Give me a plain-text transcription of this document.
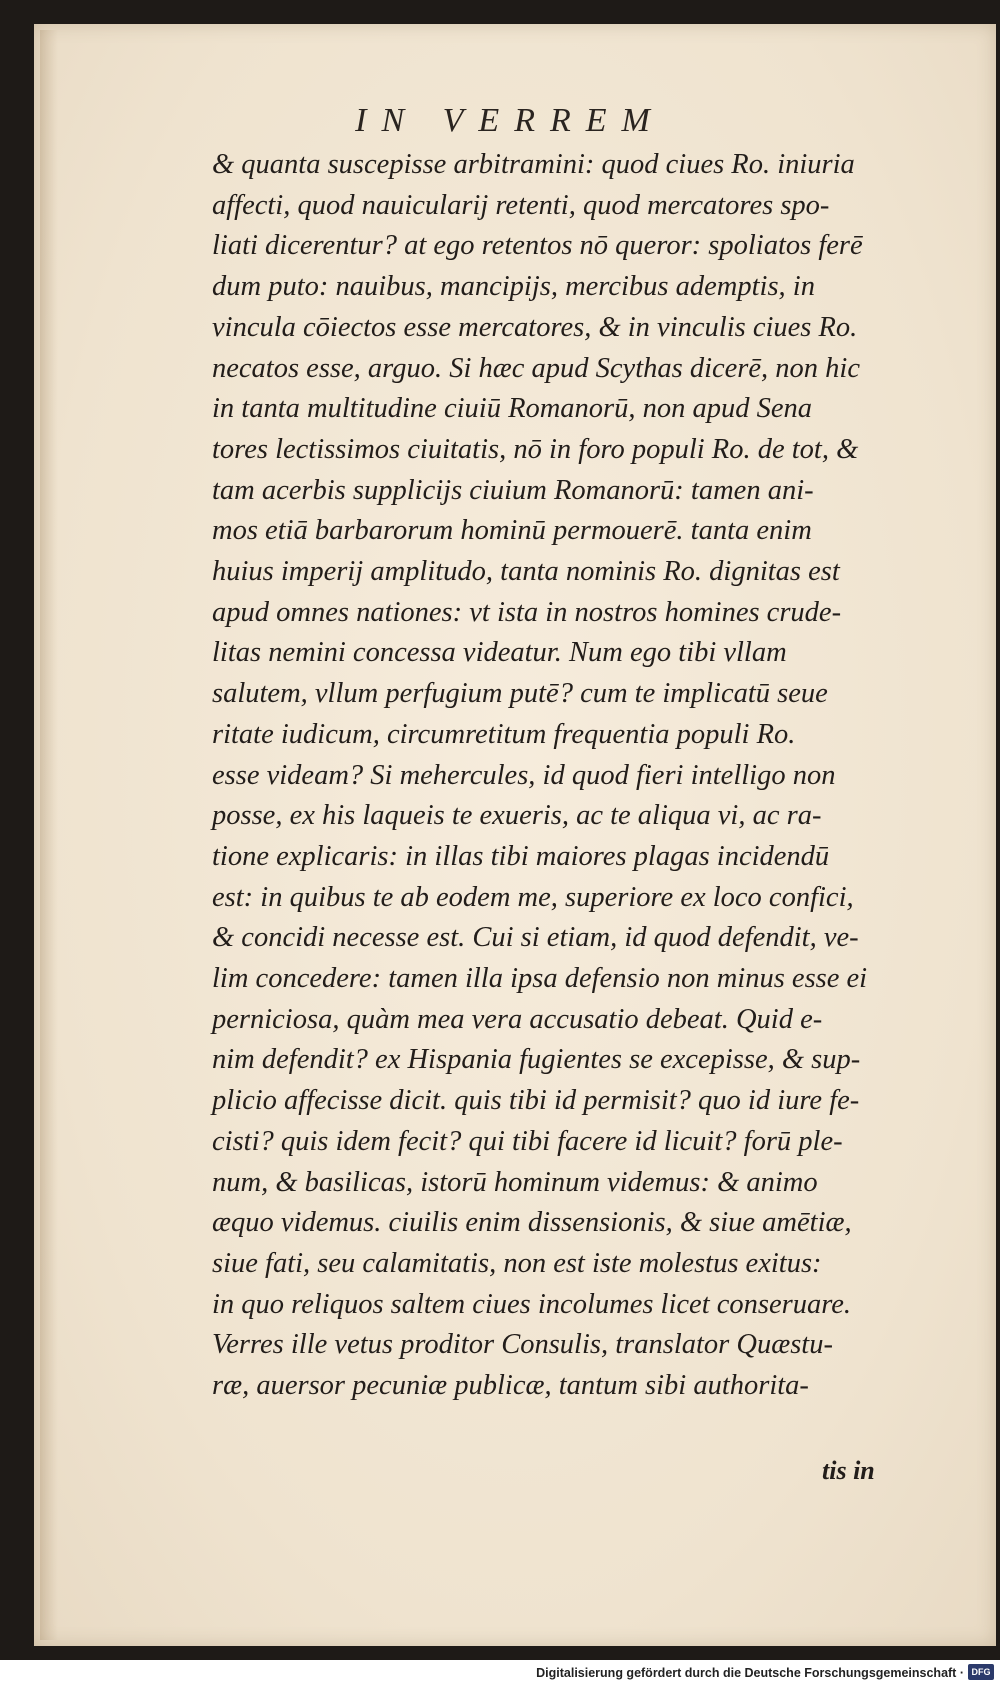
IN VERREM
& quanta suscepisse arbitramini: quod ciues Ro. iniuria
affecti, quod nauicularij retenti, quod mercatores spo-
liati dicerentur? at ego retentos nō queror: spoliatos ferē
dum puto: nauibus, mancipijs, mercibus ademptis, in
vincula cōiectos esse mercatores, & in vinculis ciues Ro.
necatos esse, arguo. Si hæc apud Scythas dicerē, non hic
in tanta multitudine ciuiū Romanorū, non apud Sena
tores lectissimos ciuitatis, nō in foro populi Ro. de tot, &
tam acerbis supplicijs ciuium Romanorū: tamen ani-
mos etiā barbarorum hominū permouerē. tanta enim
huius imperij amplitudo, tanta nominis Ro. dignitas est
apud omnes nationes: vt ista in nostros homines crude-
litas nemini concessa videatur. Num ego tibi vllam
salutem, vllum perfugium putē? cum te implicatū seue
ritate iudicum, circumretitum frequentia populi Ro.
esse videam? Si mehercules, id quod fieri intelligo non
posse, ex his laqueis te exueris, ac te aliqua vi, ac ra-
tione explicaris: in illas tibi maiores plagas incidendū
est: in quibus te ab eodem me, superiore ex loco confici,
& concidi necesse est. Cui si etiam, id quod defendit, ve-
lim concedere: tamen illa ipsa defensio non minus esse ei
perniciosa, quàm mea vera accusatio debeat. Quid e-
nim defendit? ex Hispania fugientes se excepisse, & sup-
plicio affecisse dicit. quis tibi id permisit? quo id iure fe-
cisti? quis idem fecit? qui tibi facere id licuit? forū ple-
num, & basilicas, istorū hominum videmus: & animo
æquo videmus. ciuilis enim dissensionis, & siue amētiæ,
siue fati, seu calamitatis, non est iste molestus exitus:
in quo reliquos saltem ciues incolumes licet conseruare.
Verres ille vetus proditor Consulis, translator Quæstu-
ræ, auersor pecuniæ publicæ, tantum sibi authorita-
tis in
Digitalisierung gefördert durch die Deutsche Forschungsgemeinschaft · DFG
